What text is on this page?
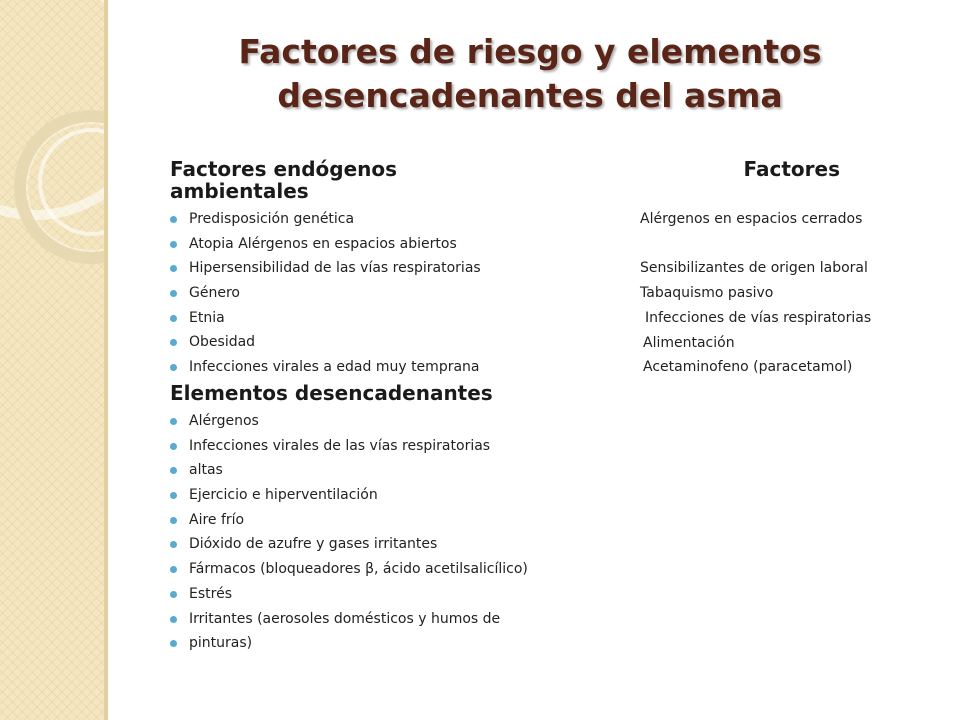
Factores de riesgo y elementos desencadenantes del asma
Factores endógenos	Factores
ambientales
Predisposición genética
Atopia Alérgenos en espacios abiertos
Hipersensibilidad de las vías respiratorias
Género
Etnia
Obesidad
Infecciones virales a edad muy temprana
Alérgenos en espacios cerrados
Sensibilizantes de origen laboral
Tabaquismo pasivo
Infecciones de vías respiratorias
Alimentación
Acetaminofeno (paracetamol)
Elementos desencadenantes
Alérgenos
Infecciones virales de las vías respiratorias
altas
Ejercicio e hiperventilación
Aire frío
Dióxido de azufre y gases irritantes
Fármacos (bloqueadores β, ácido acetilsalicílico)
Estrés
Irritantes (aerosoles domésticos y humos de
pinturas)
